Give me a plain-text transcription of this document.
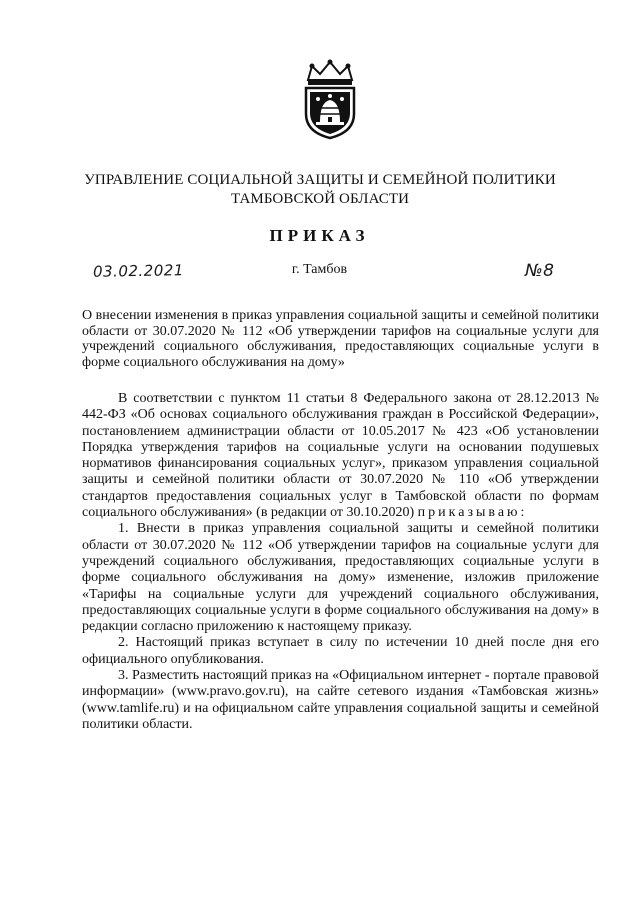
УПРАВЛЕНИЕ СОЦИАЛЬНОЙ ЗАЩИТЫ И СЕМЕЙНОЙ ПОЛИТИКИ
ТАМБОВСКОЙ ОБЛАСТИ
ПРИКАЗ
03.02.2021	г. Тамбов	№8
О внесении изменения в приказ управления социальной защиты и семейной политики области от 30.07.2020 № 112 «Об утверждении тарифов на социальные услуги для учреждений социального обслуживания, предоставляющих социальные услуги в форме социального обслуживания на дому»

В соответствии с пунктом 11 статьи 8 Федерального закона от 28.12.2013 № 442-ФЗ «Об основах социального обслуживания граждан в Российской Федерации», постановлением администрации области от 10.05.2017 № 423 «Об установлении Порядка утверждения тарифов на социальные услуги на основании подушевых нормативов финансирования социальных услуг», приказом управления социальной защиты и семейной политики области от 30.07.2020 № 110 «Об утверждении стандартов предоставления социальных услуг в Тамбовской области по формам социального обслуживания» (в редакции от 30.10.2020) приказываю:

1. Внести в приказ управления социальной защиты и семейной политики области от 30.07.2020 № 112 «Об утверждении тарифов на социальные услуги для учреждений социального обслуживания, предоставляющих социальные услуги в форме социального обслуживания на дому» изменение, изложив приложение «Тарифы на социальные услуги для учреждений социального обслуживания, предоставляющих социальные услуги в форме социального обслуживания на дому» в редакции согласно приложению к настоящему приказу.

2. Настоящий приказ вступает в силу по истечении 10 дней после дня его официального опубликования.

3. Разместить настоящий приказ на «Официальном интернет - портале правовой информации» (www.pravo.gov.ru), на сайте сетевого издания «Тамбовская жизнь» (www.tamlife.ru) и на официальном сайте управления социальной защиты и семейной политики области.
